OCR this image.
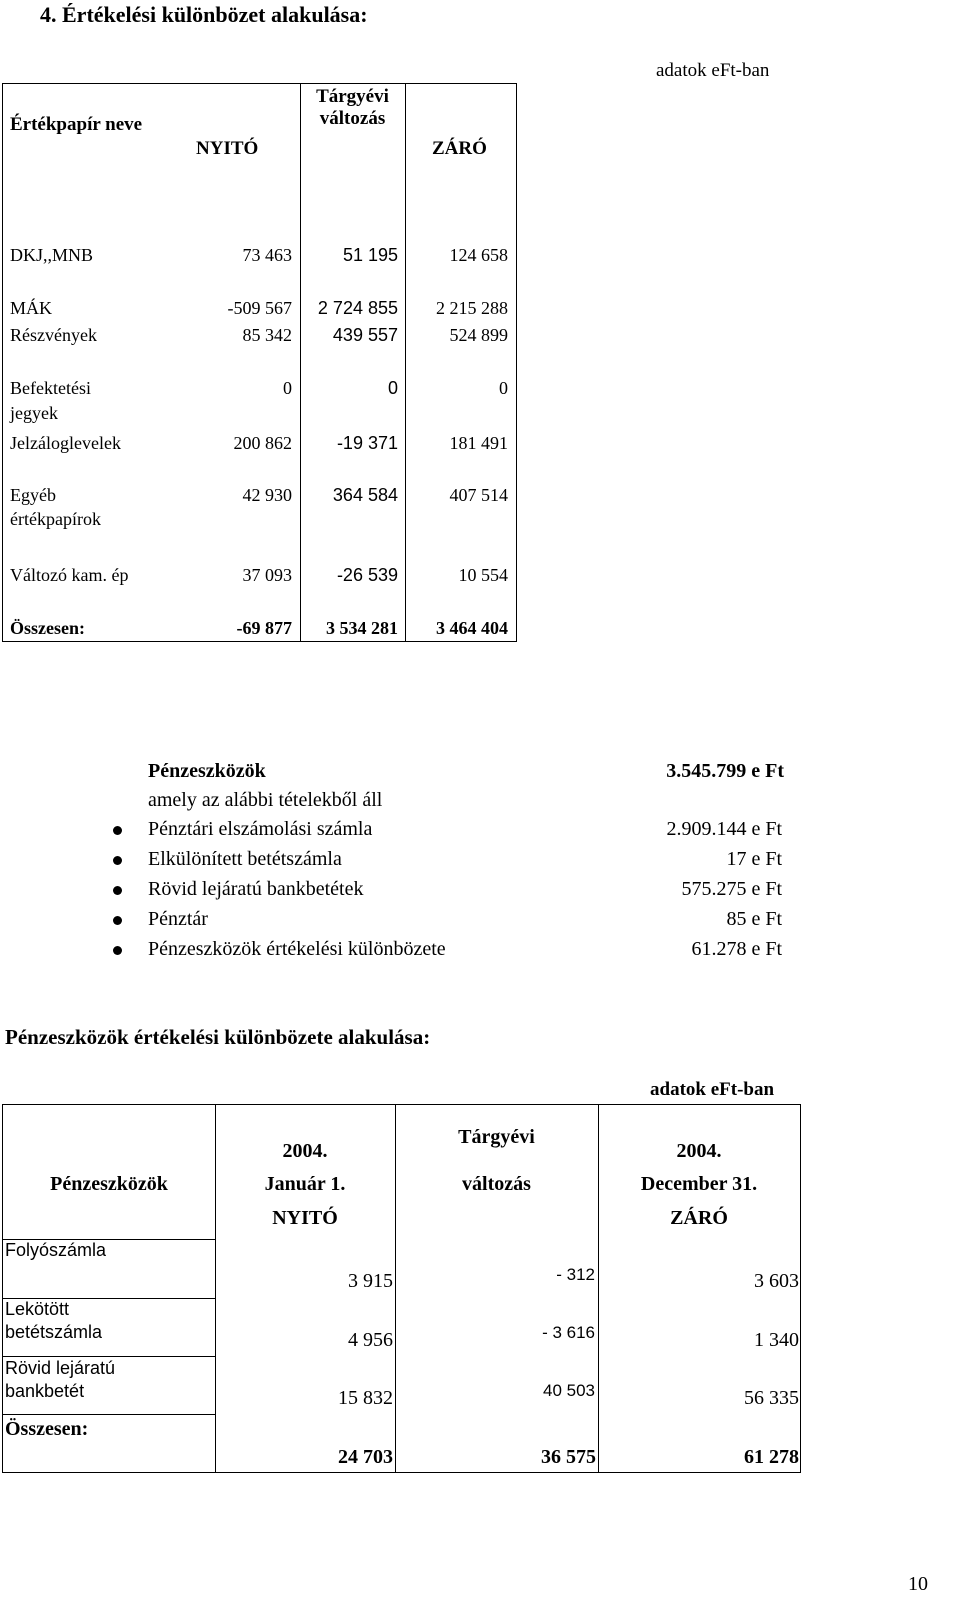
4. Értékelési különbözet alakulása:
adatok eFt-ban
Értékpapír neve
NYITÓ
Tárgyévi
változás
ZÁRÓ
DKJ,,MNB	73 463	51 195	124 658
MÁK	-509 567	2 724 855	2 215 288
Részvények	85 342	439 557	524 899
Befektetési
jegyek
0	0	0
Jelzáloglevelek	200 862	-19 371	181 491
Egyéb
értékpapírok
42 930	364 584	407 514
Változó kam. ép	37 093	-26 539	10 554
Összesen:	-69 877	3 534 281	3 464 404
Pénzeszközök	3.545.799 e Ft
amely az alábbi tételekből áll
Pénztári elszámolási számla	2.909.144 e Ft
Elkülönített betétszámla	17 e Ft
Rövid lejáratú bankbetétek	575.275 e Ft
Pénztár	85 e Ft
Pénzeszközök értékelési különbözete	61.278 e Ft
Pénzeszközök értékelési különbözete alakulása:
adatok eFt-ban
Pénzeszközök
2004.
Január 1.
NYITÓ
Tárgyévi
változás
2004.
December 31.
ZÁRÓ
Folyószámla
3 915	- 312	3 603
Lekötött
betétszámla	4 956	- 3 616	1 340
Rövid lejáratú
bankbetét	15 832	40 503	56 335
Összesen:
24 703	36 575	61 278
10
